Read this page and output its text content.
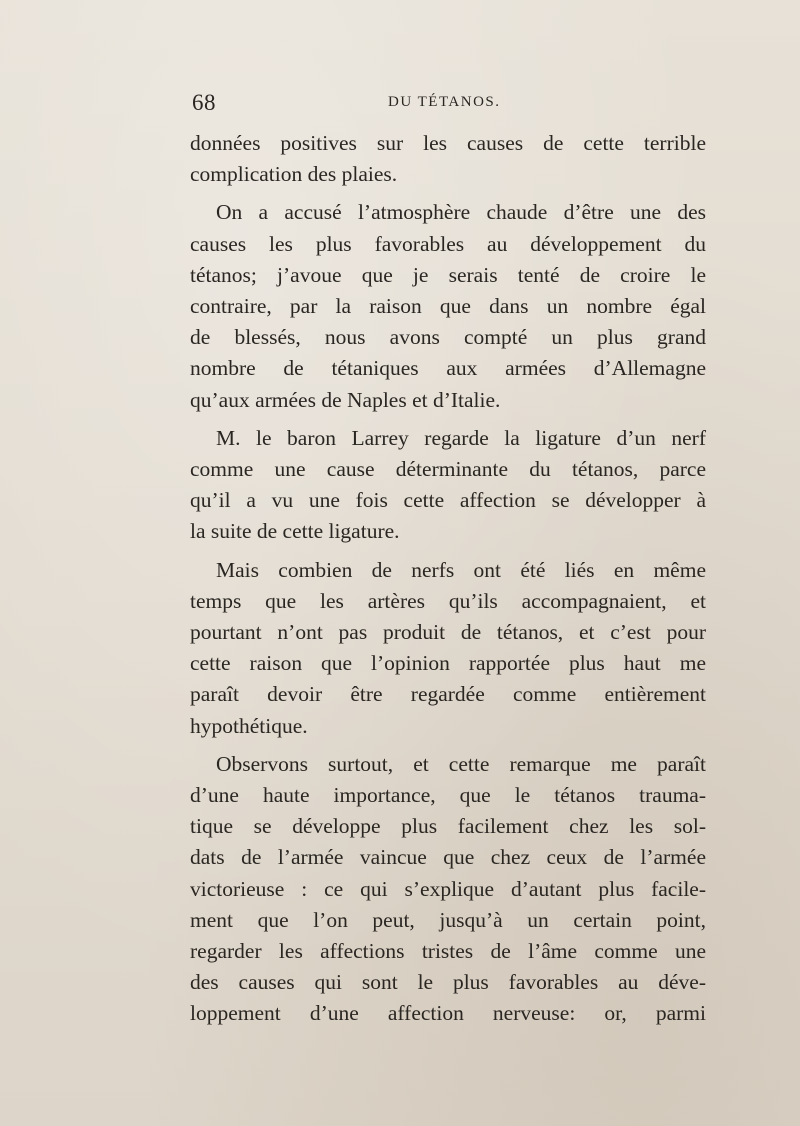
68	DU TÉTANOS.
données positives sur les causes de cette terrible
complication des plaies.
On a accusé l’atmosphère chaude d’être une des
causes les plus favorables au développement du
tétanos; j’avoue que je serais tenté de croire le
contraire, par la raison que dans un nombre égal
de blessés, nous avons compté un plus grand
nombre de tétaniques aux armées d’Allemagne
qu’aux armées de Naples et d’Italie.
M. le baron Larrey regarde la ligature d’un nerf
comme une cause déterminante du tétanos, parce
qu’il a vu une fois cette affection se développer à
la suite de cette ligature.
Mais combien de nerfs ont été liés en même
temps que les artères qu’ils accompagnaient, et
pourtant n’ont pas produit de tétanos, et c’est pour
cette raison que l’opinion rapportée plus haut me
paraît devoir être regardée comme entièrement
hypothétique.
Observons surtout, et cette remarque me paraît
d’une haute importance, que le tétanos trauma-
tique se développe plus facilement chez les sol-
dats de l’armée vaincue que chez ceux de l’armée
victorieuse : ce qui s’explique d’autant plus facile-
ment que l’on peut, jusqu’à un certain point,
regarder les affections tristes de l’âme comme une
des causes qui sont le plus favorables au déve-
loppement d’une affection nerveuse: or, parmi
